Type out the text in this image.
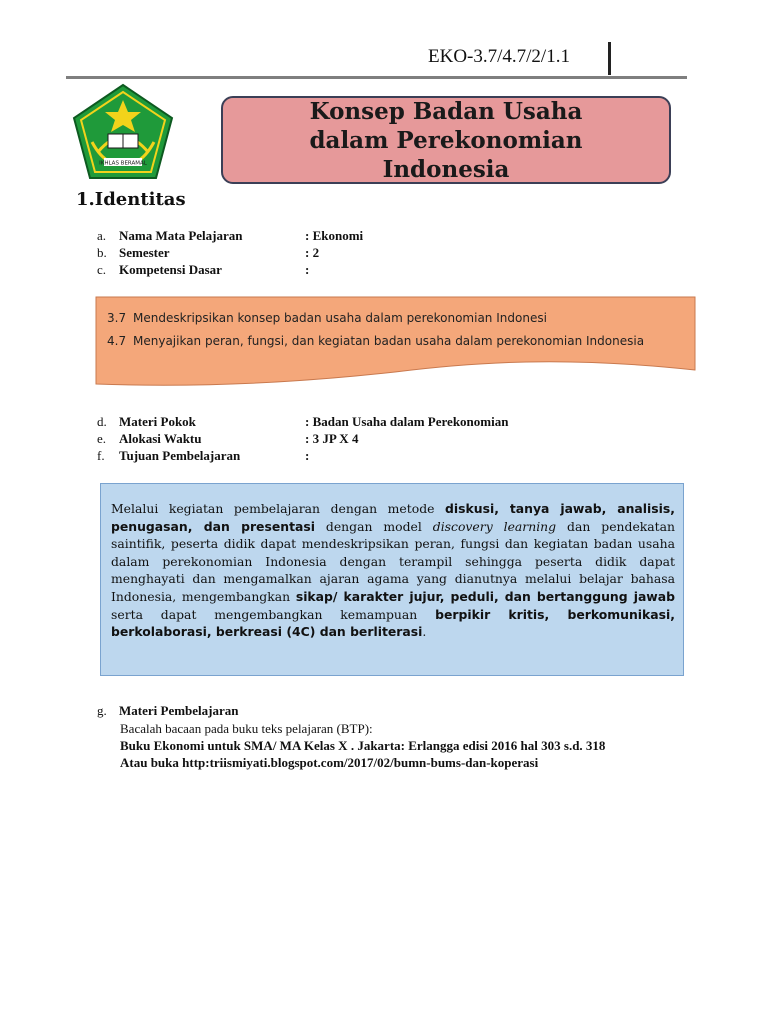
EKO-3.7/4.7/2/1.1
IKHLAS BERAMAL
Konsep Badan Usaha dalam Perekonomian Indonesia
1.Identitas
a. Nama Mata Pelajaran	: Ekonomi
b. Semester	: 2
c. Kompetensi Dasar	:
3.7 Mendeskripsikan konsep badan usaha dalam perekonomian Indonesi
4.7 Menyajikan peran, fungsi, dan kegiatan badan usaha dalam perekonomian Indonesia
d. Materi Pokok	: Badan Usaha dalam Perekonomian
e. Alokasi Waktu	: 3 JP X 4
f.	Tujuan Pembelajaran	:
Melalui kegiatan pembelajaran dengan metode diskusi, tanya jawab, analisis, penugasan, dan presentasi dengan model discovery learning dan pendekatan saintifik, peserta didik dapat mendeskripsikan peran, fungsi dan kegiatan badan usaha dalam perekonomian Indonesia dengan terampil sehingga peserta didik dapat menghayati dan mengamalkan ajaran agama yang dianutnya melalui belajar bahasa Indonesia, mengembangkan sikap/ karakter jujur, peduli, dan bertanggung jawab serta dapat mengembangkan kemampuan berpikir kritis, berkomunikasi, berkolaborasi, berkreasi (4C) dan berliterasi.
g. Materi Pembelajaran
Bacalah bacaan pada buku teks pelajaran (BTP):
Buku Ekonomi untuk SMA/ MA Kelas X . Jakarta: Erlangga edisi 2016 hal 303 s.d. 318
Atau buka http:triismiyati.blogspot.com/2017/02/bumn-bums-dan-koperasi
